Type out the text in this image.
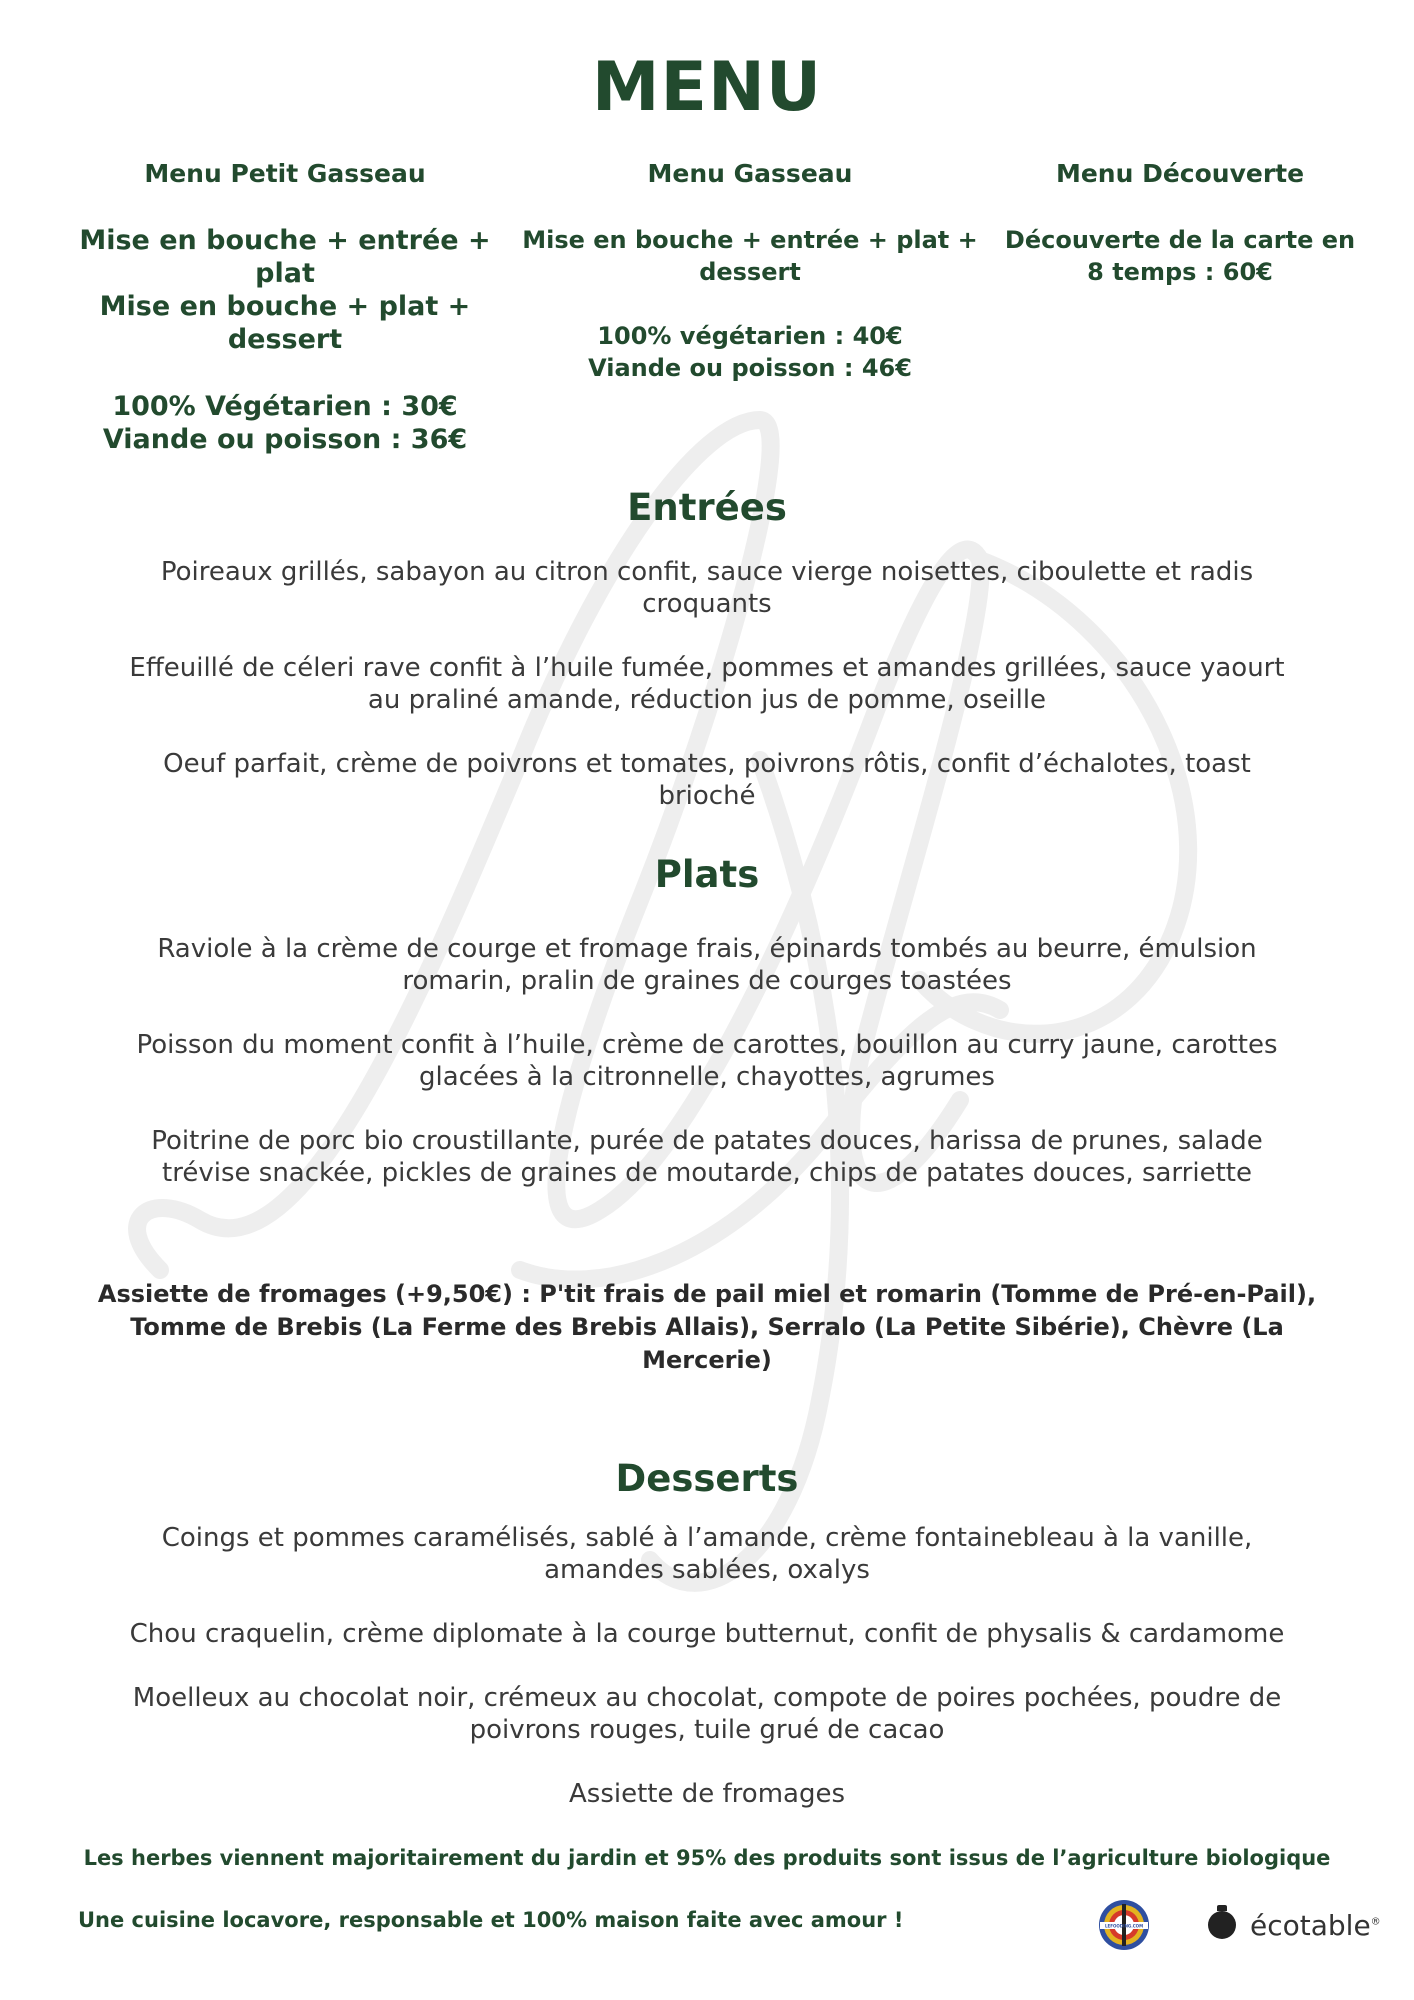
MENU

Menu Petit Gasseau

Mise en bouche + entrée + plat

Mise en bouche + plat +

dessert

100% Végétarien : 30€

Viande ou poisson : 36€

Menu Gasseau

Mise en bouche + entrée + plat +

dessert

100% végétarien : 40€

Viande ou poisson : 46€

Menu Découverte

Découverte de la carte en

8 temps : 60€

Entrées
Poireaux grillés, sabayon au citron confit, sauce vierge noisettes, ciboulette et radis
croquants
Effeuillé de céleri rave confit à l’huile fumée, pommes et amandes grillées, sauce yaourt
au praliné amande, réduction jus de pomme, oseille
Oeuf parfait, crème de poivrons et tomates, poivrons rôtis, confit d’échalotes, toast
brioché
Plats
Raviole à la crème de courge et fromage frais, épinards tombés au beurre, émulsion
romarin, pralin de graines de courges toastées
Poisson du moment confit à l’huile, crème de carottes, bouillon au curry jaune, carottes
glacées à la citronnelle, chayottes, agrumes
Poitrine de porc bio croustillante, purée de patates douces, harissa de prunes, salade
trévise snackée, pickles de graines de moutarde, chips de patates douces, sarriette
Assiette de fromages (+9,50€) : P'tit frais de pail miel et romarin (Tomme de Pré-en-Pail),
Tomme de Brebis (La Ferme des Brebis Allais), Serralo (La Petite Sibérie), Chèvre (La
Mercerie)
Desserts
Coings et pommes caramélisés, sablé à l’amande, crème fontainebleau à la vanille,
amandes sablées, oxalys
Chou craquelin, crème diplomate à la courge butternut, confit de physalis & cardamome
Moelleux au chocolat noir, crémeux au chocolat, compote de poires pochées, poudre de
poivrons rouges, tuile grué de cacao
Assiette de fromages
Les herbes viennent majoritairement du jardin et 95% des produits sont issus de l’agriculture biologique
Une cuisine locavore, responsable et 100% maison faite avec amour !	LEFOODING.COM	écotable®
